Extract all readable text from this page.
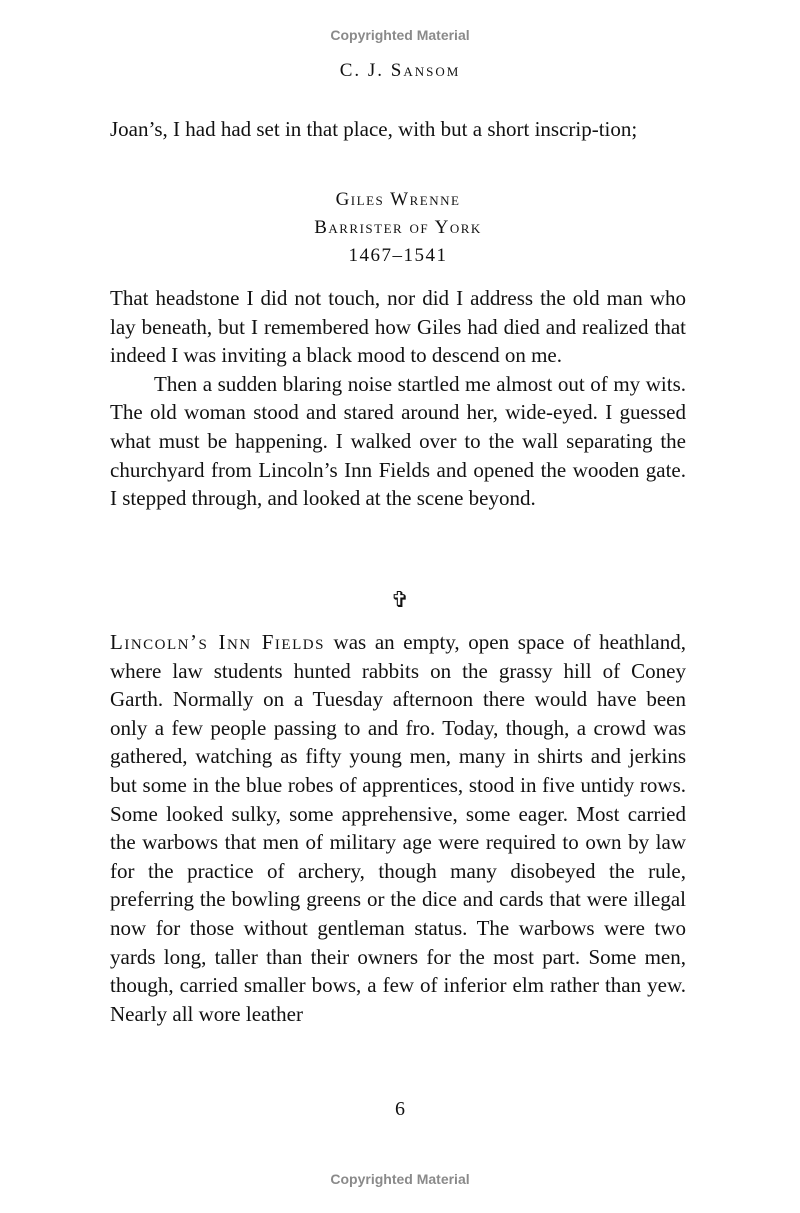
Copyrighted Material
C. J. Sansom

Joan’s, I had had set in that place, with but a short inscrip-tion;

Giles Wrenne
Barrister of York
1467–1541

That headstone I did not touch, nor did I address the old man who lay beneath, but I remembered how Giles had died and realized that indeed I was inviting a black mood to descend on me.

Then a sudden blaring noise startled me almost out of my wits. The old woman stood and stared around her, wide-eyed. I guessed what must be happening. I walked over to the wall separating the churchyard from Lincoln’s Inn Fields and opened the wooden gate. I stepped through, and looked at the scene beyond.

✞

Lincoln’s Inn Fields was an empty, open space of heathland, where law students hunted rabbits on the grassy hill of Coney Garth. Normally on a Tuesday afternoon there would have been only a few people passing to and fro. Today, though, a crowd was gathered, watching as fifty young men, many in shirts and jerkins but some in the blue robes of apprentices, stood in five untidy rows. Some looked sulky, some apprehensive, some eager. Most carried the warbows that men of military age were required to own by law for the practice of archery, though many disobeyed the rule, preferring the bowling greens or the dice and cards that were illegal now for those without gentleman status. The warbows were two yards long, taller than their owners for the most part. Some men, though, carried smaller bows, a few of inferior elm rather than yew. Nearly all wore leather

6
Copyrighted Material
